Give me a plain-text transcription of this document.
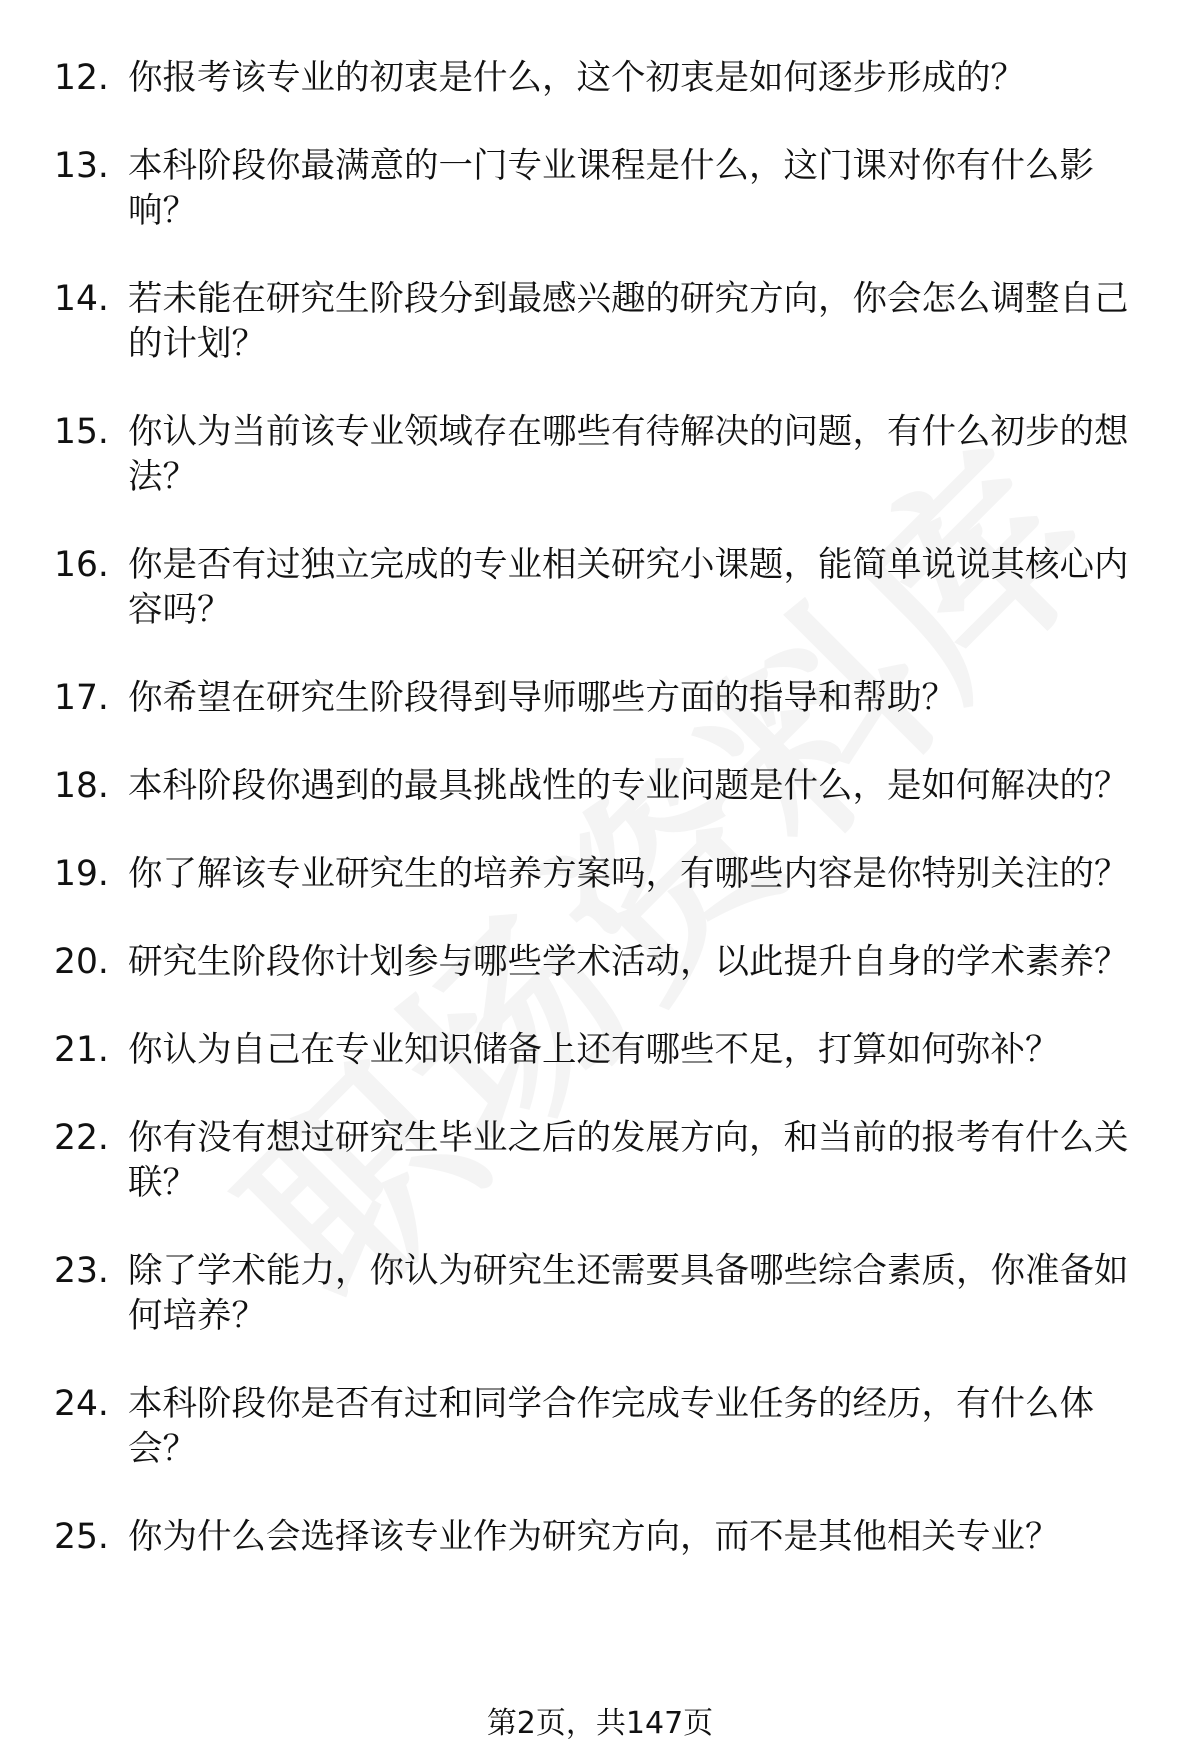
12. 你报考该专业的初衷是什么，这个初衷是如何逐步形成的？
13. 本科阶段你最满意的一门专业课程是什么，这门课对你有什么影响？
14. 若未能在研究生阶段分到最感兴趣的研究方向，你会怎么调整自己的计划？
15. 你认为当前该专业领域存在哪些有待解决的问题，有什么初步的想法？
16. 你是否有过独立完成的专业相关研究小课题，能简单说说其核心内容吗？
17. 你希望在研究生阶段得到导师哪些方面的指导和帮助？
18. 本科阶段你遇到的最具挑战性的专业问题是什么，是如何解决的？
19. 你了解该专业研究生的培养方案吗，有哪些内容是你特别关注的？
20. 研究生阶段你计划参与哪些学术活动，以此提升自身的学术素养？
21. 你认为自己在专业知识储备上还有哪些不足，打算如何弥补？
22. 你有没有想过研究生毕业之后的发展方向，和当前的报考有什么关联？
23. 除了学术能力，你认为研究生还需要具备哪些综合素质，你准备如何培养？
24. 本科阶段你是否有过和同学合作完成专业任务的经历，有什么体会？
25. 你为什么会选择该专业作为研究方向，而不是其他相关专业？
第2页，共147页
